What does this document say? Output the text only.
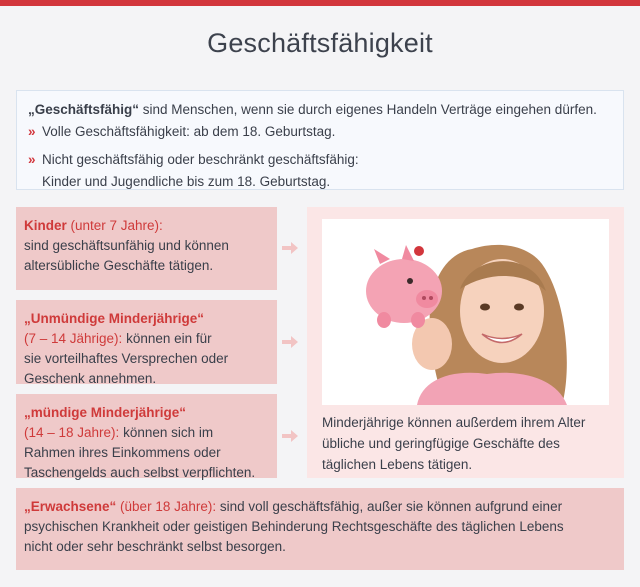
Geschäftsfähigkeit
„Geschäftsfähig“ sind Menschen, wenn sie durch eigenes Handeln Verträge eingehen dürfen.
» Volle Geschäftsfähigkeit: ab dem 18. Geburtstag.
» Nicht geschäftsfähig oder beschränkt geschäftsfähig:
Kinder und Jugendliche bis zum 18. Geburtstag.
Kinder (unter 7 Jahre):
sind geschäftsunfähig und können
altersübliche Geschäfte tätigen.
„Unmündige Minderjährige“
(7 – 14 Jährige): können ein für
sie vorteilhaftes Versprechen oder
Geschenk annehmen.
„mündige Minderjährige“
(14 – 18 Jahre): können sich im
Rahmen ihres Einkommens oder
Taschengelds auch selbst verpflichten.
Minderjährige können außerdem ihrem Alter
übliche und geringfügige Geschäfte des
täglichen Lebens tätigen.
„Erwachsene“ (über 18 Jahre): sind voll geschäftsfähig, außer sie können aufgrund einer
psychischen Krankheit oder geistigen Behinderung Rechtsgeschäfte des täglichen Lebens
nicht oder sehr beschränkt selbst besorgen.
